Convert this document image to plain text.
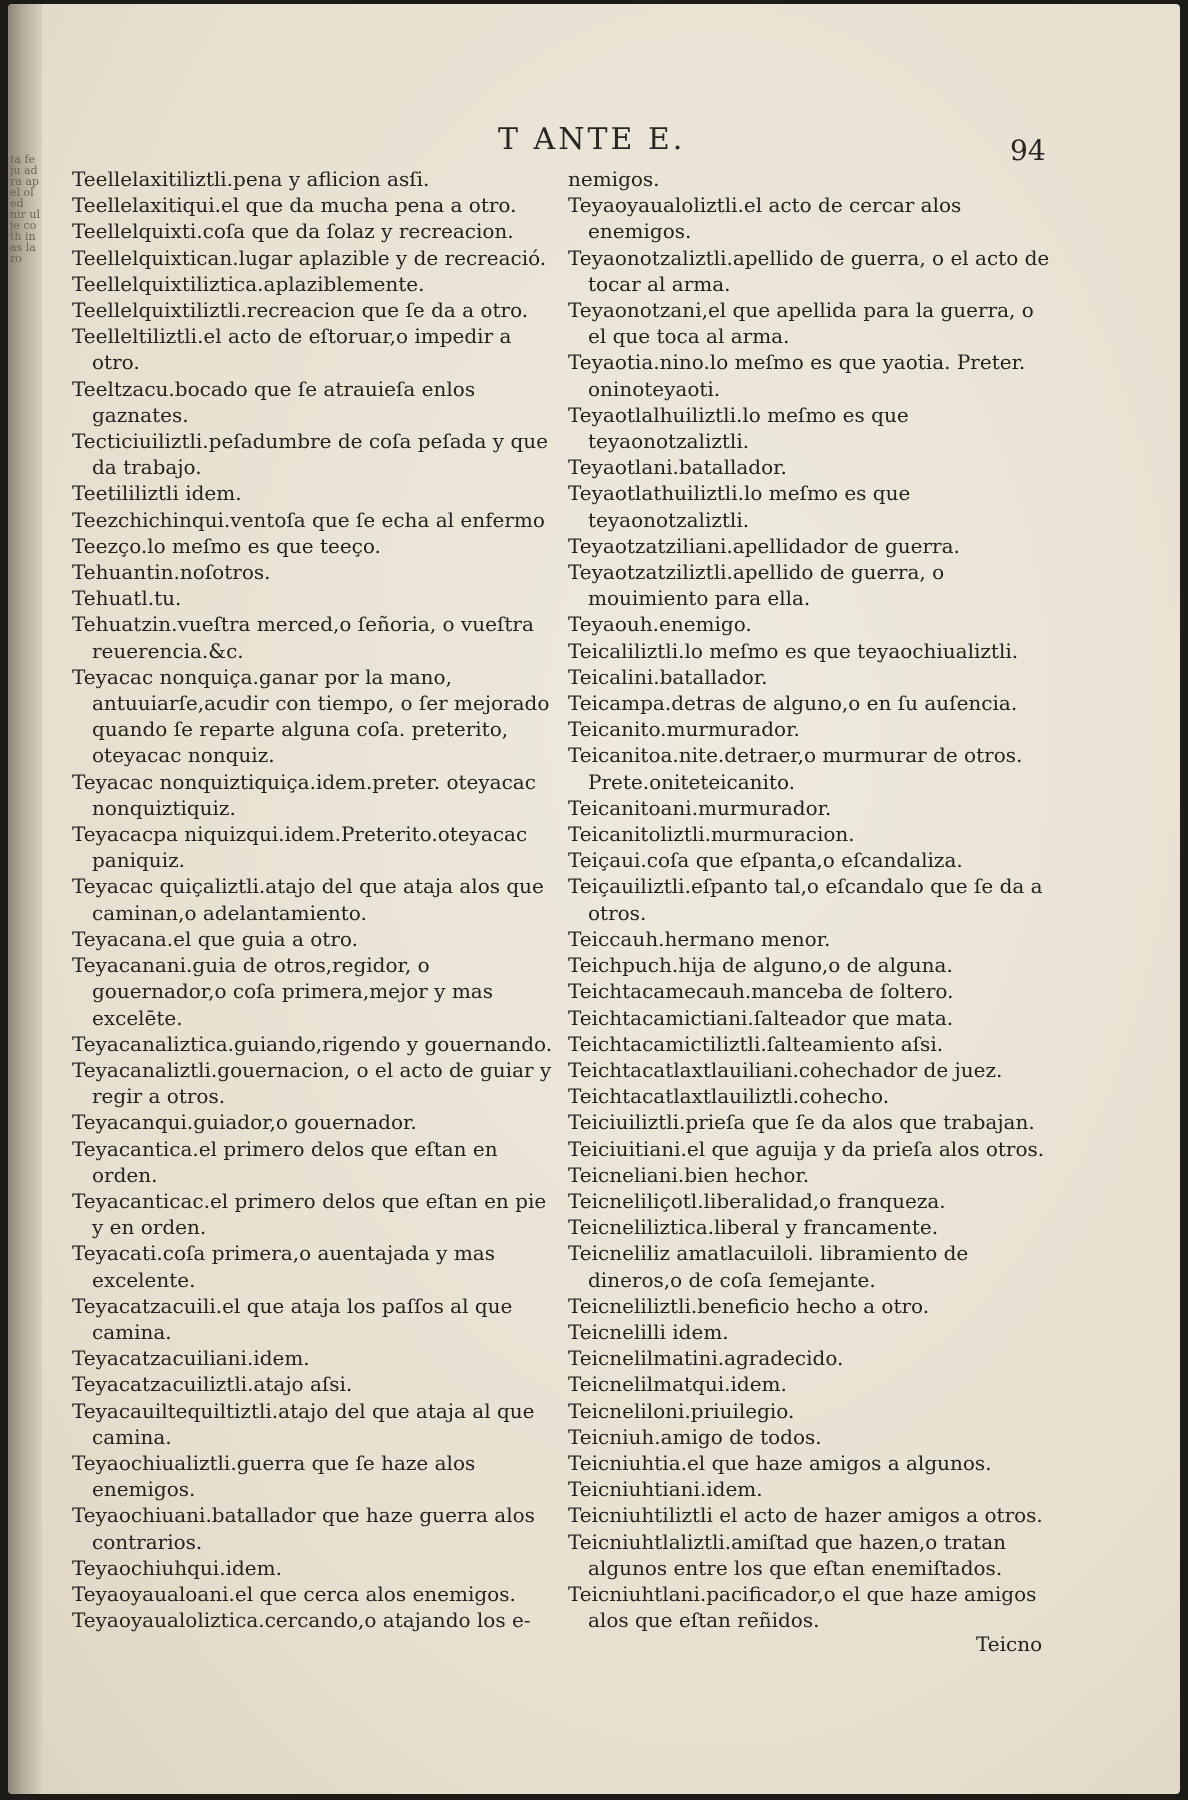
ta fe ju ad ra ap el ol ed nir ul je co th in as la ro
T ANTE E.	94

Teellelaxitiliztli.pena y aflicion asſi.

Teellelaxitiqui.el que da mucha pena a otro.

Teellelquixti.coſa que da ſolaz y recreacion.

Teellelquixtican.lugar aplazible y de recreació.

Teellelquixtiliztica.aplaziblemente.

Teellelquixtiliztli.recreacion que ſe da a otro.

Teelleltiliztli.el acto de eſtoruar,o impedir a otro.

Teeltzacu.bocado que ſe atrauieſa enlos gaznates.

Tecticiuiliztli.peſadumbre de coſa peſada y que da trabajo.

Teetililiztli idem.

Teezchichinqui.ventoſa que ſe echa al enfermo

Teezço.lo meſmo es que teeço.

Tehuantin.noſotros.

Tehuatl.tu.

Tehuatzin.vueſtra merced,o ſeñoria, o vueſtra reuerencia.&c.

Teyacac nonquiça.ganar por la mano, antuuiarſe,acudir con tiempo, o ſer mejorado quando ſe reparte alguna coſa. preterito, oteyacac nonquiz.

Teyacac nonquiztiquiça.idem.preter. oteyacac nonquiztiquiz.

Teyacacpa niquizqui.idem.Preterito.oteyacac paniquiz.

Teyacac quiçaliztli.atajo del que ataja alos que caminan,o adelantamiento.

Teyacana.el que guia a otro.

Teyacanani.guia de otros,regidor, o gouernador,o coſa primera,mejor y mas excelēte.

Teyacanaliztica.guiando,rigendo y gouernando.

Teyacanaliztli.gouernacion, o el acto de guiar y regir a otros.

Teyacanqui.guiador,o gouernador.

Teyacantica.el primero delos que eſtan en orden.

Teyacanticac.el primero delos que eſtan en pie y en orden.

Teyacati.coſa primera,o auentajada y mas excelente.

Teyacatzacuili.el que ataja los paſſos al que camina.

Teyacatzacuiliani.idem.

Teyacatzacuiliztli.atajo aſsi.

Teyacauiltequiltiztli.atajo del que ataja al que camina.

Teyaochiualiztli.guerra que ſe haze alos enemigos.

Teyaochiuani.batallador que haze guerra alos contrarios.

Teyaochiuhqui.idem.

Teyaoyaualoani.el que cerca alos enemigos.

Teyaoyaualoliztica.cercando,o atajando los e-

nemigos.

Teyaoyaualoliztli.el acto de cercar alos enemigos.

Teyaonotzaliztli.apellido de guerra, o el acto de tocar al arma.

Teyaonotzani,el que apellida para la guerra, o el que toca al arma.

Teyaotia.nino.lo meſmo es que yaotia. Preter. oninoteyaoti.

Teyaotlalhuiliztli.lo meſmo es que teyaonotzaliztli.

Teyaotlani.batallador.

Teyaotlathuiliztli.lo meſmo es que teyaonotzaliztli.

Teyaotzatziliani.apellidador de guerra.

Teyaotzatziliztli.apellido de guerra, o mouimiento para ella.

Teyaouh.enemigo.

Teicaliliztli.lo meſmo es que teyaochiualiztli.

Teicalini.batallador.

Teicampa.detras de alguno,o en ſu auſencia.

Teicanito.murmurador.

Teicanitoa.nite.detraer,o murmurar de otros. Prete.oniteteicanito.

Teicanitoani.murmurador.

Teicanitoliztli.murmuracion.

Teiçaui.coſa que eſpanta,o eſcandaliza.

Teiçauiliztli.eſpanto tal,o eſcandalo que ſe da a otros.

Teiccauh.hermano menor.

Teichpuch.hija de alguno,o de alguna.

Teichtacamecauh.manceba de ſoltero.

Teichtacamictiani.ſalteador que mata.

Teichtacamictiliztli.ſalteamiento aſsi.

Teichtacatlaxtlauiliani.cohechador de juez.

Teichtacatlaxtlauiliztli.cohecho.

Teiciuiliztli.prieſa que ſe da alos que trabajan.

Teiciuitiani.el que aguija y da prieſa alos otros.

Teicneliani.bien hechor.

Teicneliliçotl.liberalidad,o franqueza.

Teicneliliztica.liberal y francamente.

Teicneliliz amatlacuiloli. libramiento de dineros,o de coſa ſemejante.

Teicneliliztli.beneficio hecho a otro.

Teicnelilli idem.

Teicnelilmatini.agradecido.

Teicnelilmatqui.idem.

Teicneliloni.priuilegio.

Teicniuh.amigo de todos.

Teicniuhtia.el que haze amigos a algunos.

Teicniuhtiani.idem.

Teicniuhtiliztli el acto de hazer amigos a otros.

Teicniuhtlaliztli.amiſtad que hazen,o tratan algunos entre los que eſtan enemiſtados.

Teicniuhtlani.pacificador,o el que haze amigos alos que eſtan reñidos.

Teicno
